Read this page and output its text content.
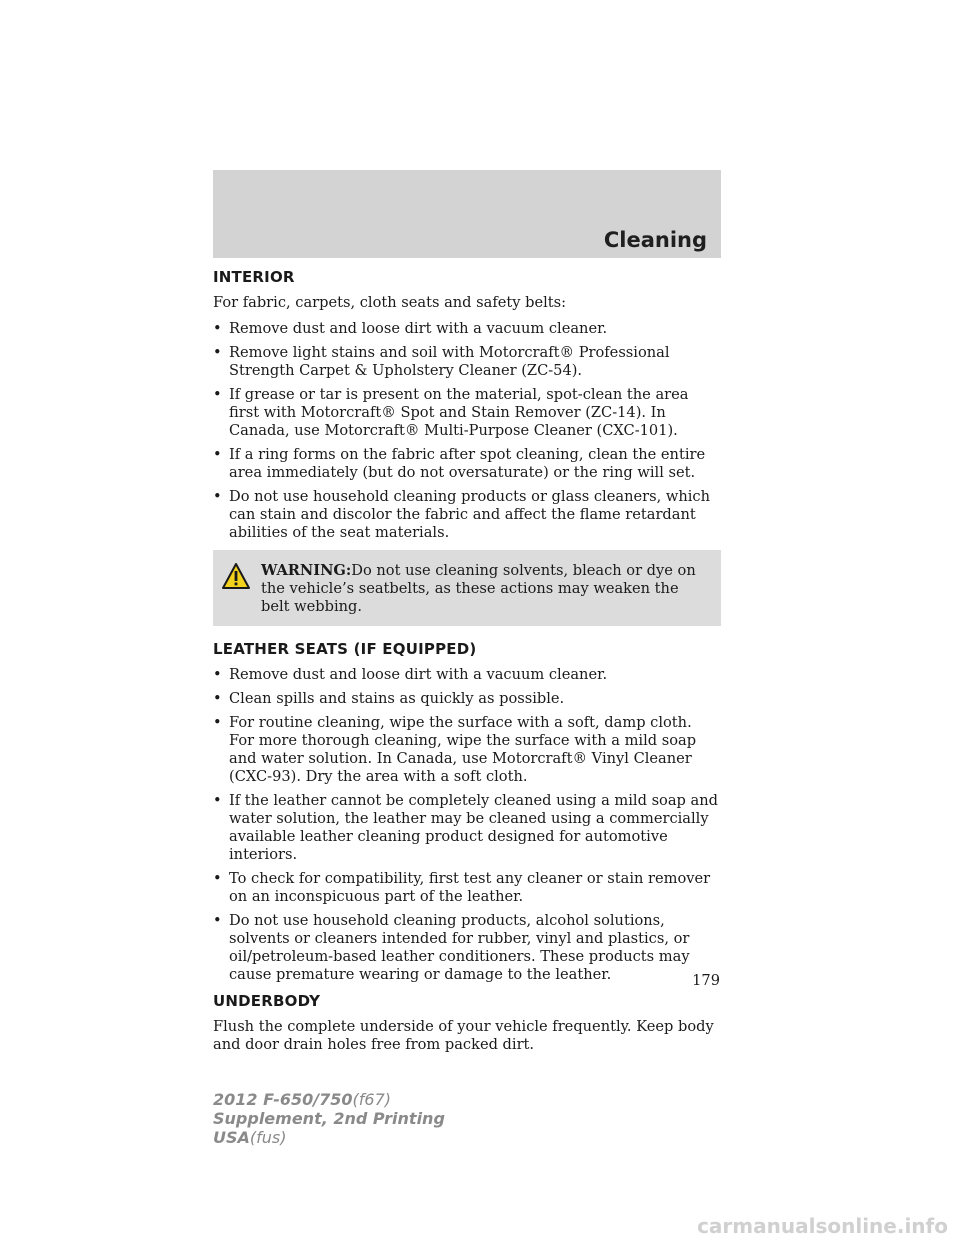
Cleaning
INTERIOR

For fabric, carpets, cloth seats and safety belts:

• Remove dust and loose dirt with a vacuum cleaner.
• Remove light stains and soil with Motorcraft® Professional Strength Carpet & Upholstery Cleaner (ZC-54).
• If grease or tar is present on the material, spot-clean the area first with Motorcraft® Spot and Stain Remover (ZC-14). In Canada, use Motorcraft® Multi-Purpose Cleaner (CXC-101).
• If a ring forms on the fabric after spot cleaning, clean the entire area immediately (but do not oversaturate) or the ring will set.
• Do not use household cleaning products or glass cleaners, which can stain and discolor the fabric and affect the flame retardant abilities of the seat materials.
WARNING:Do not use cleaning solvents, bleach or dye on the vehicle’s seatbelts, as these actions may weaken the belt webbing.
LEATHER SEATS (IF EQUIPPED)
• Remove dust and loose dirt with a vacuum cleaner.
• Clean spills and stains as quickly as possible.
• For routine cleaning, wipe the surface with a soft, damp cloth. For more thorough cleaning, wipe the surface with a mild soap and water solution. In Canada, use Motorcraft® Vinyl Cleaner (CXC-93). Dry the area with a soft cloth.
• If the leather cannot be completely cleaned using a mild soap and water solution, the leather may be cleaned using a commercially available leather cleaning product designed for automotive interiors.
• To check for compatibility, first test any cleaner or stain remover on an inconspicuous part of the leather.
• Do not use household cleaning products, alcohol solutions, solvents or cleaners intended for rubber, vinyl and plastics, or oil/petroleum-based leather conditioners. These products may cause premature wearing or damage to the leather.
UNDERBODY

Flush the complete underside of your vehicle frequently. Keep body and door drain holes free from packed dirt.

179
2012 F-650/750(f67)
Supplement, 2nd Printing
USA(fus)
carmanualsonline.info
